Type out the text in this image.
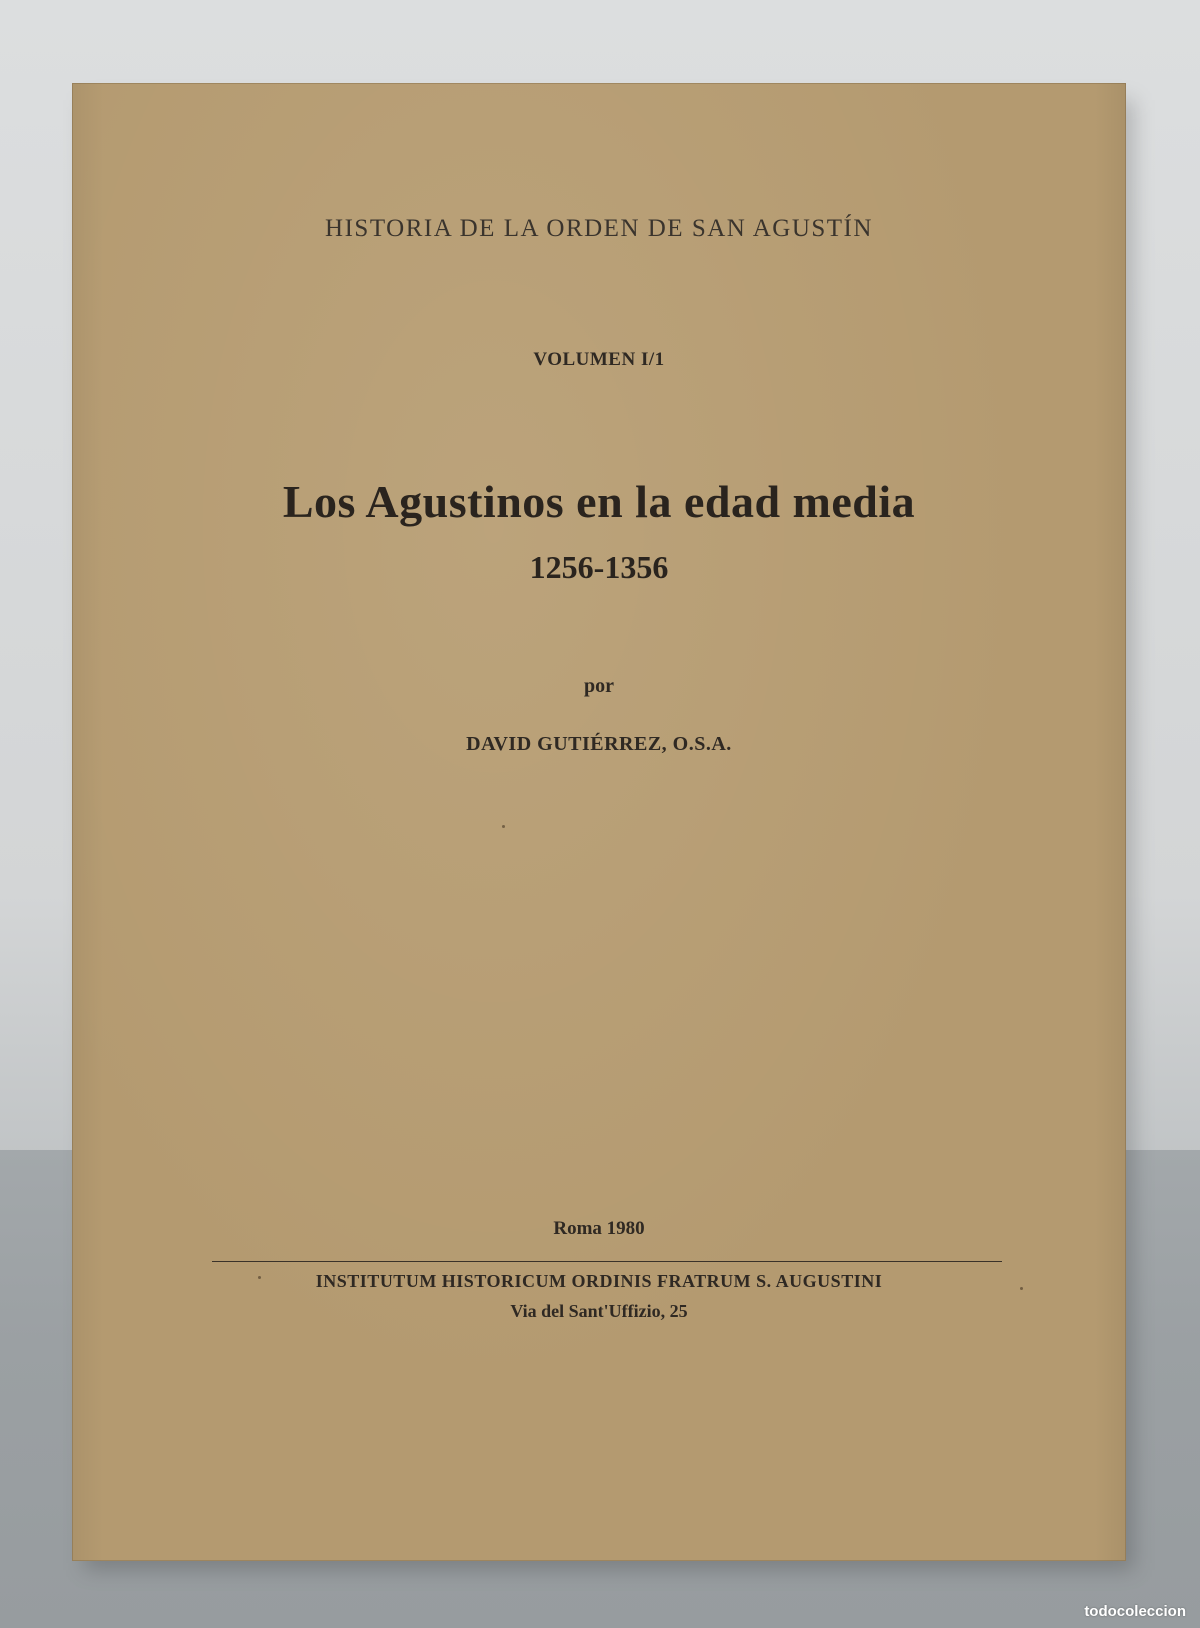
HISTORIA DE LA ORDEN DE SAN AGUSTÍN
VOLUMEN I/1
Los Agustinos en la edad media
1256-1356
por
DAVID GUTIÉRREZ, O.S.A.
Roma 1980
INSTITUTUM HISTORICUM ORDINIS FRATRUM S. AUGUSTINI
Via del Sant'Uffizio, 25
todocoleccion
